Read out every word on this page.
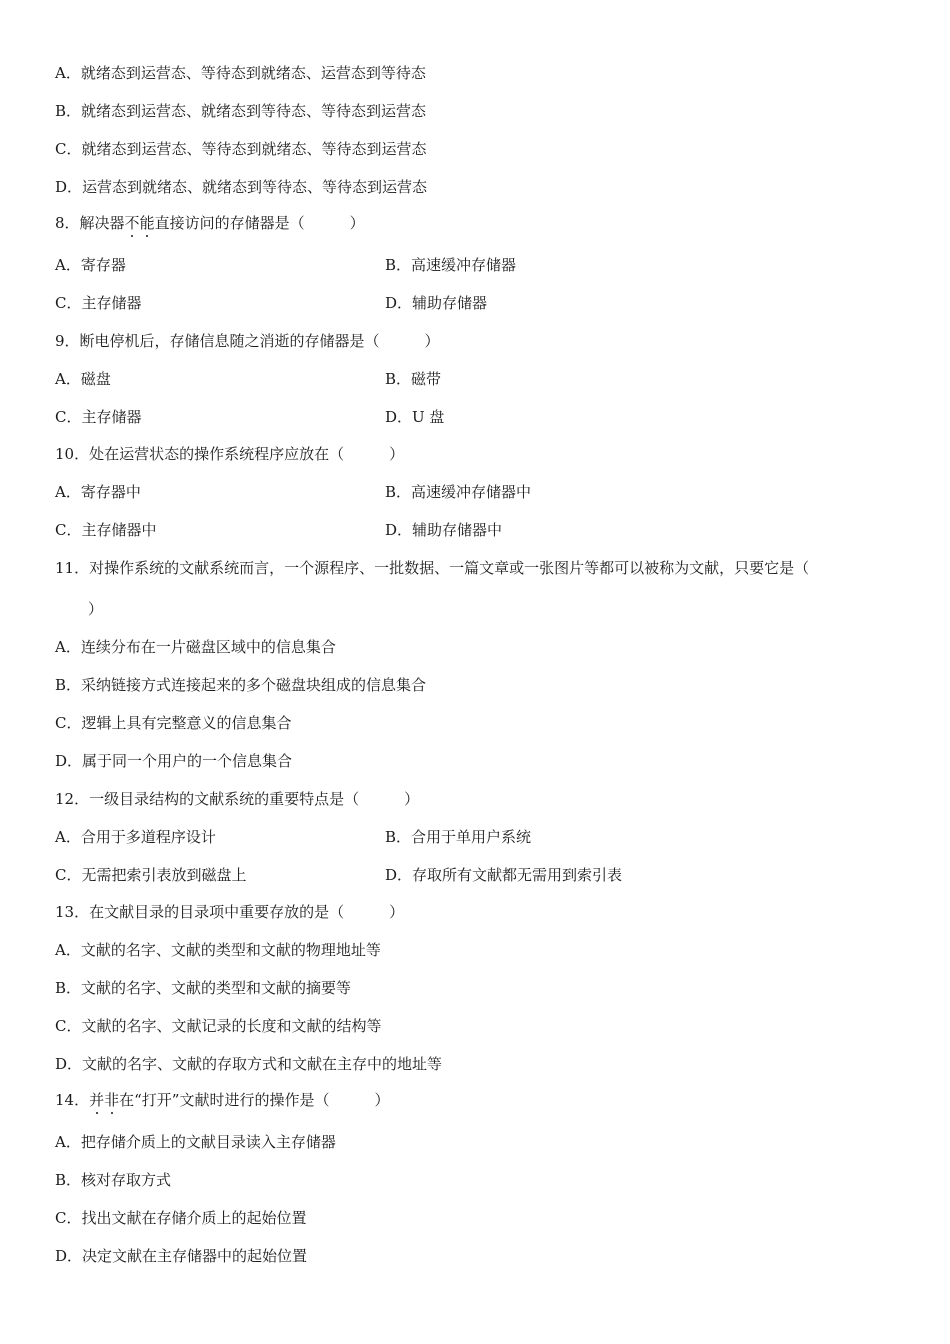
A．就绪态到运营态、等待态到就绪态、运营态到等待态
B．就绪态到运营态、就绪态到等待态、等待态到运营态
C．就绪态到运营态、等待态到就绪态、等待态到运营态
D．运营态到就绪态、就绪态到等待态、等待态到运营态
8．解决器不能直接访问的存储器是（　　　）
A．寄存器	B．高速缓冲存储器
C．主存储器	D．辅助存储器
9．断电停机后，存储信息随之消逝的存储器是（　　　）
A．磁盘	B．磁带
C．主存储器	D．U 盘
10．处在运营状态的操作系统程序应放在（　　　）
A．寄存器中	B．高速缓冲存储器中
C．主存储器中	D．辅助存储器中
11．对操作系统的文献系统而言，一个源程序、一批数据、一篇文章或一张图片等都可以被称为文献，只要它是（
）
A．连续分布在一片磁盘区域中的信息集合
B．采纳链接方式连接起来的多个磁盘块组成的信息集合
C．逻辑上具有完整意义的信息集合
D．属于同一个用户的一个信息集合
12．一级目录结构的文献系统的重要特点是（　　　）
A．合用于多道程序设计	B．合用于单用户系统
C．无需把索引表放到磁盘上	D．存取所有文献都无需用到索引表
13．在文献目录的目录项中重要存放的是（　　　）
A．文献的名字、文献的类型和文献的物理地址等
B．文献的名字、文献的类型和文献的摘要等
C．文献的名字、文献记录的长度和文献的结构等
D．文献的名字、文献的存取方式和文献在主存中的地址等
14．并非在“打开”文献时进行的操作是（　　　）
A．把存储介质上的文献目录读入主存储器
B．核对存取方式
C．找出文献在存储介质上的起始位置
D．决定文献在主存储器中的起始位置
